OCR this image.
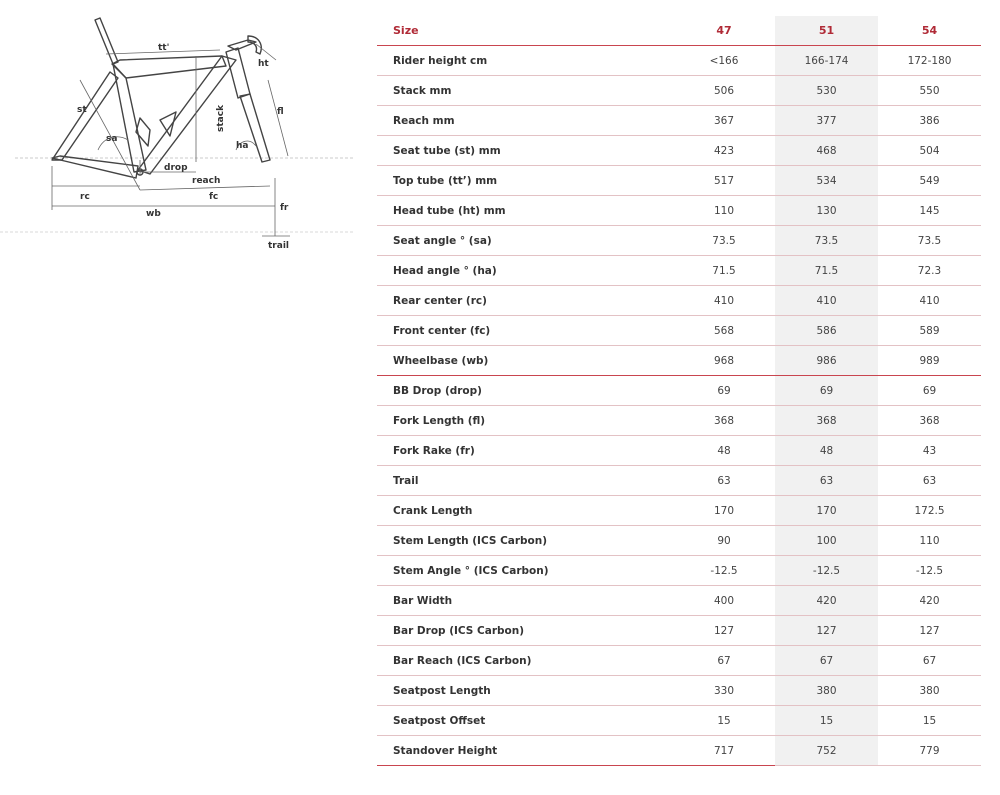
tt'
ht
st	fl
sa
stack
ha
drop
reach
rc	fc
wb
fr
trail
Size	47	51	54
Rider height cm	<166	166-174	172-180
Stack mm	506	530	550
Reach mm	367	377	386
Seat tube (st) mm	423	468	504
Top tube (tt’) mm	517	534	549
Head tube (ht) mm	110	130	145
Seat angle ° (sa)	73.5	73.5	73.5
Head angle ° (ha)	71.5	71.5	72.3
Rear center (rc)	410	410	410
Front center (fc)	568	586	589
Wheelbase (wb)	968	986	989
BB Drop (drop)	69	69	69
Fork Length (fl)	368	368	368
Fork Rake (fr)	48	48	43
Trail	63	63	63
Crank Length	170	170	172.5
Stem Length (ICS Carbon)	90	100	110
Stem Angle ° (ICS Carbon)	-12.5	-12.5	-12.5
Bar Width	400	420	420
Bar Drop (ICS Carbon)	127	127	127
Bar Reach (ICS Carbon)	67	67	67
Seatpost Length	330	380	380
Seatpost Offset	15	15	15
Standover Height	717	752	779
